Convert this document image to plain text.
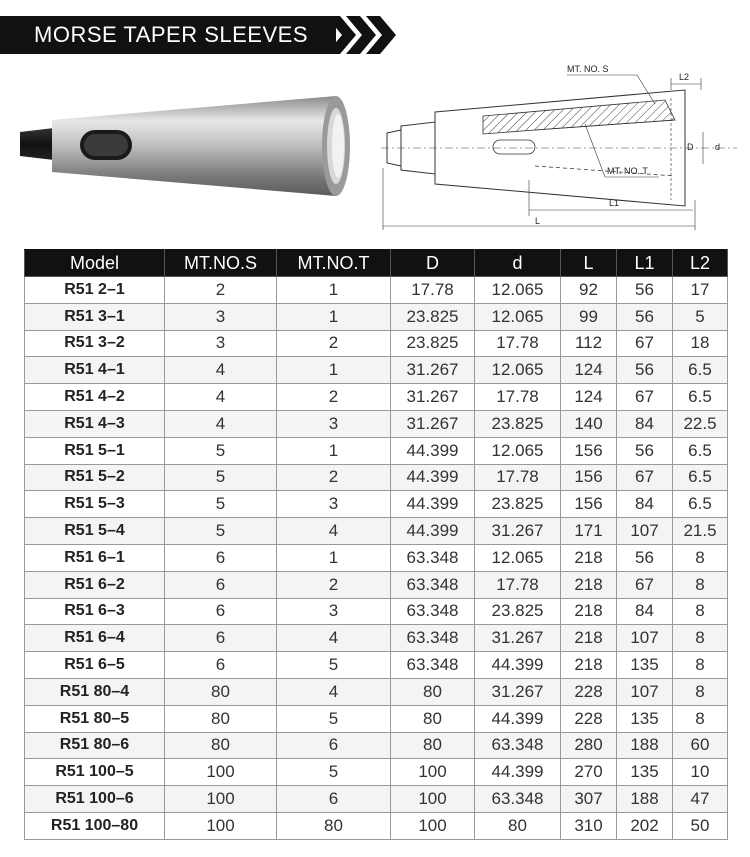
MORSE TAPER SLEEVES
L2
MT. NO. S
MT. NO. T
D d
L1
L
Model	MT.NO.S	MT.NO.T	D	d	L	L1	L2
R51 2–1	2	1	17.78	12.065	92	56	17
R51 3–1	3	1	23.825	12.065	99	56	5
R51 3–2	3	2	23.825	17.78	112	67	18
R51 4–1	4	1	31.267	12.065	124	56	6.5
R51 4–2	4	2	31.267	17.78	124	67	6.5
R51 4–3	4	3	31.267	23.825	140	84	22.5
R51 5–1	5	1	44.399	12.065	156	56	6.5
R51 5–2	5	2	44.399	17.78	156	67	6.5
R51 5–3	5	3	44.399	23.825	156	84	6.5
R51 5–4	5	4	44.399	31.267	171	107	21.5
R51 6–1	6	1	63.348	12.065	218	56	8
R51 6–2	6	2	63.348	17.78	218	67	8
R51 6–3	6	3	63.348	23.825	218	84	8
R51 6–4	6	4	63.348	31.267	218	107	8
R51 6–5	6	5	63.348	44.399	218	135	8
R51 80–4	80	4	80	31.267	228	107	8
R51 80–5	80	5	80	44.399	228	135	8
R51 80–6	80	6	80	63.348	280	188	60
R51 100–5	100	5	100	44.399	270	135	10
R51 100–6	100	6	100	63.348	307	188	47
R51 100–80	100	80	100	80	310	202	50
